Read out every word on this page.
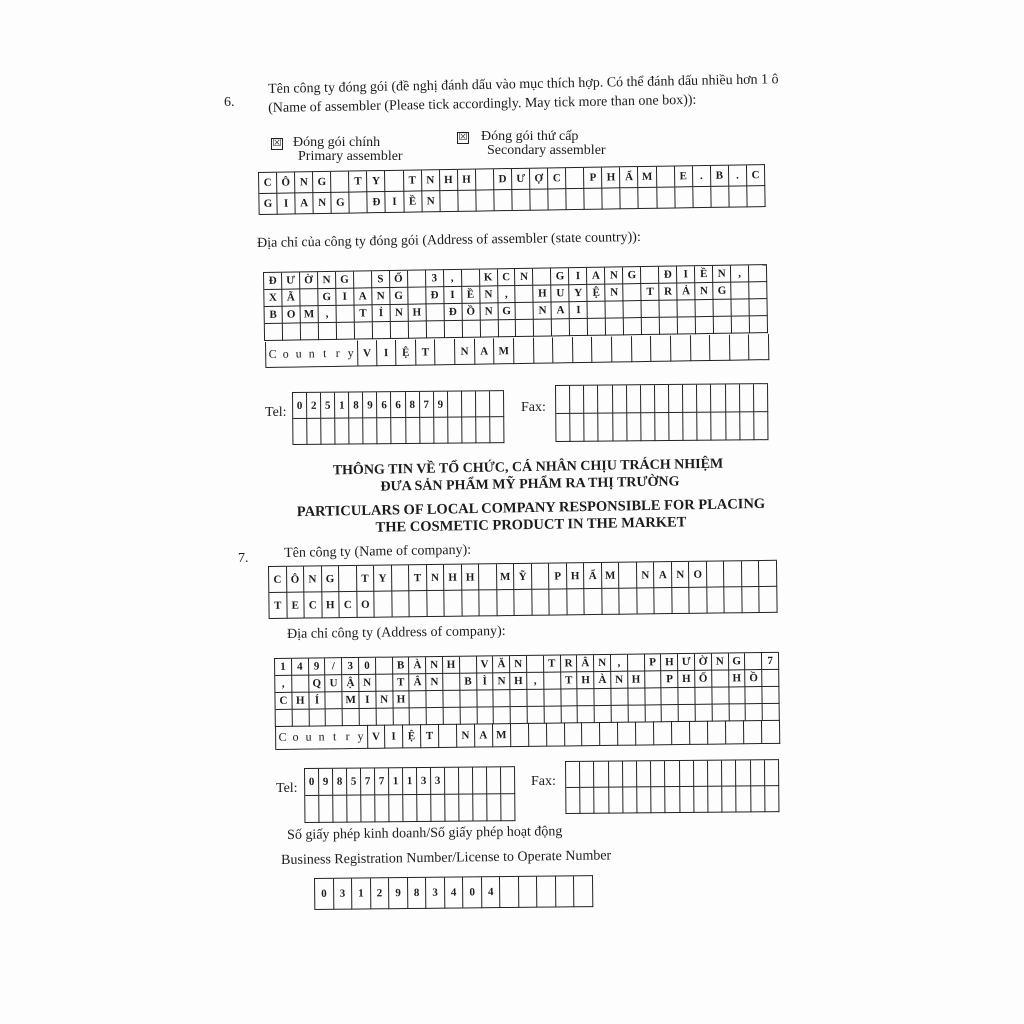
6.
Tên công ty đóng gói (đề nghị đánh dấu vào mục thích hợp. Có thể đánh dấu nhiều hơn 1 ô
(Name of assembler (Please tick accordingly. May tick more than one box)):
☒ Đóng gói chính
Primary assembler
☒ Đóng gói thứ cấp
Secondary assembler
C Ô N G	T Y	T N H H	D Ư Ợ C	P H Ẩ M	E	.	B	.	C
G	I	A N G	Đ	I	Ề N
Địa chỉ của công ty đóng gói (Address of assembler (state country)):
Đ Ư Ờ N G	S Ố	3	,	K C N	G	I	A N G	Đ	I	Ề N	,
X Ã	G	I	A N G	Đ	I	Ề N	,	H U Y Ệ N	T R Ả N G
B O M	,	T	Ỉ	N H	Đ Ồ N G	N A	I
C o u n t r y V	I	Ệ	T	N	A M
Tel: 0 2 5 1 8 9 6 6 8 7 9	Fax:
THÔNG TIN VỀ TỔ CHỨC, CÁ NHÂN CHỊU TRÁCH NHIỆM
ĐƯA SẢN PHẨM MỸ PHẨM RA THỊ TRƯỜNG
PARTICULARS OF LOCAL COMPANY RESPONSIBLE FOR PLACING
THE COSMETIC PRODUCT IN THE MARKET
7.	Tên công ty (Name of company):
C Ô N G	T Y	T N H H	M Ỹ	P H Ẩ M	N A N O
T E C H C O
Địa chỉ công ty (Address of company):
1	4	9	/	3	0	B À N H	V Ă N	T R Â N	,	P H Ư Ờ N G	7
,	Q U Ậ N	T Â N	B Ì N H	,	T H À N H	P H Ố	H Ồ
C H Í	M I N H
C o u n t r y V	I	Ệ T	N A M
Tel:	0 9 8 5 7 7 1 1 3 3	Fax:
Số giấy phép kinh doanh/Số giấy phép hoạt động
Business Registration Number/License to Operate Number
0	3	1	2	9	8	3	4	0	4
